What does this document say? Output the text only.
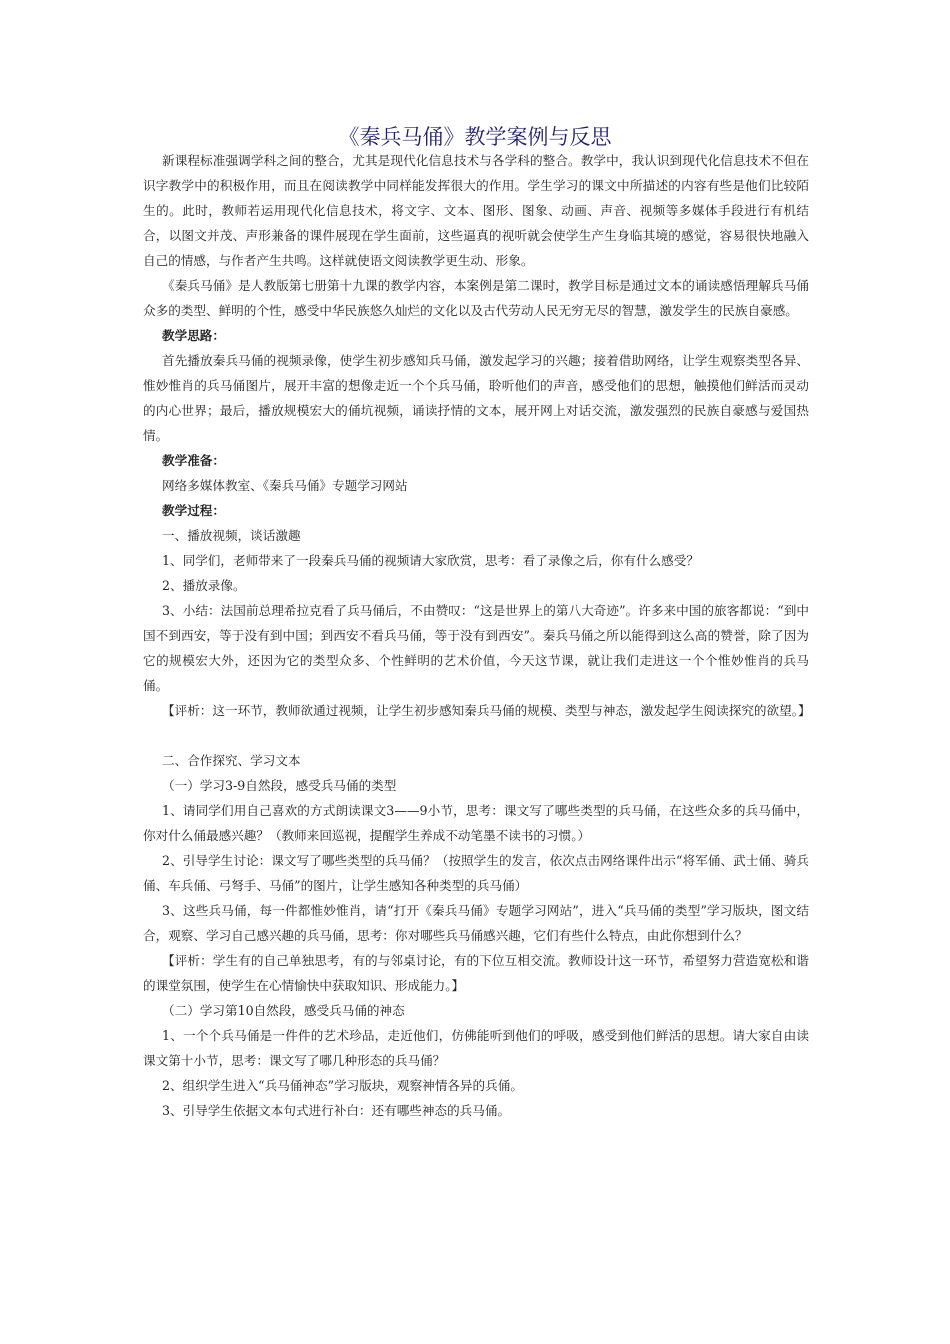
《秦兵马俑》教学案例与反思

新课程标准强调学科之间的整合，尤其是现代化信息技术与各学科的整合。教学中，我认识到现代化信息技术不但在识字教学中的积极作用，而且在阅读教学中同样能发挥很大的作用。学生学习的课文中所描述的内容有些是他们比较陌生的。此时，教师若运用现代化信息技术，将文字、文本、图形、图象、动画、声音、视频等多媒体手段进行有机结合，以图文并茂、声形兼备的课件展现在学生面前，这些逼真的视听就会使学生产生身临其境的感觉，容易很快地融入自己的情感，与作者产生共鸣。这样就使语文阅读教学更生动、形象。

《秦兵马俑》是人教版第七册第十九课的教学内容，本案例是第二课时，教学目标是通过文本的诵读感悟理解兵马俑众多的类型、鲜明的个性，感受中华民族悠久灿烂的文化以及古代劳动人民无穷无尽的智慧，激发学生的民族自豪感。

教学思路：

首先播放秦兵马俑的视频录像，使学生初步感知兵马俑，激发起学习的兴趣；接着借助网络，让学生观察类型各异、惟妙惟肖的兵马俑图片，展开丰富的想像走近一个个兵马俑，聆听他们的声音，感受他们的思想，触摸他们鲜活而灵动的内心世界；最后，播放规模宏大的俑坑视频，诵读抒情的文本，展开网上对话交流，激发强烈的民族自豪感与爱国热情。

教学准备：

网络多媒体教室、《秦兵马俑》专题学习网站

教学过程：

一、播放视频，谈话激趣

1、同学们，老师带来了一段秦兵马俑的视频请大家欣赏，思考：看了录像之后，你有什么感受？

2、播放录像。

3、小结：法国前总理希拉克看了兵马俑后，不由赞叹：“这是世界上的第八大奇迹”。许多来中国的旅客都说：“到中国不到西安，等于没有到中国；到西安不看兵马俑，等于没有到西安”。秦兵马俑之所以能得到这么高的赞誉，除了因为它的规模宏大外，还因为它的类型众多、个性鲜明的艺术价值，今天这节课，就让我们走进这一个个惟妙惟肖的兵马俑。

【评析：这一环节，教师欲通过视频，让学生初步感知秦兵马俑的规模、类型与神态，激发起学生阅读探究的欲望。】

二、合作探究、学习文本

（一）学习3-9自然段，感受兵马俑的类型

1、请同学们用自己喜欢的方式朗读课文3——9小节，思考：课文写了哪些类型的兵马俑，在这些众多的兵马俑中，你对什么俑最感兴趣？（教师来回巡视，提醒学生养成不动笔墨不读书的习惯。）

2、引导学生讨论：课文写了哪些类型的兵马俑？（按照学生的发言，依次点击网络课件出示“将军俑、武士俑、骑兵俑、车兵俑、弓弩手、马俑”的图片，让学生感知各种类型的兵马俑）

3、这些兵马俑，每一件都惟妙惟肖，请“打开《秦兵马俑》专题学习网站”，进入“兵马俑的类型”学习版块，图文结合，观察、学习自己感兴趣的兵马俑，思考：你对哪些兵马俑感兴趣，它们有些什么特点，由此你想到什么？

【评析：学生有的自己单独思考，有的与邻桌讨论，有的下位互相交流。教师设计这一环节，希望努力营造宽松和谐的课堂氛围，使学生在心情愉快中获取知识、形成能力。】

（二）学习第10自然段，感受兵马俑的神态

1、一个个兵马俑是一件件的艺术珍品，走近他们，仿佛能听到他们的呼吸，感受到他们鲜活的思想。请大家自由读课文第十小节，思考：课文写了哪几种形态的兵马俑？

2、组织学生进入“兵马俑神态”学习版块，观察神情各异的兵俑。

3、引导学生依据文本句式进行补白：还有哪些神态的兵马俑。
